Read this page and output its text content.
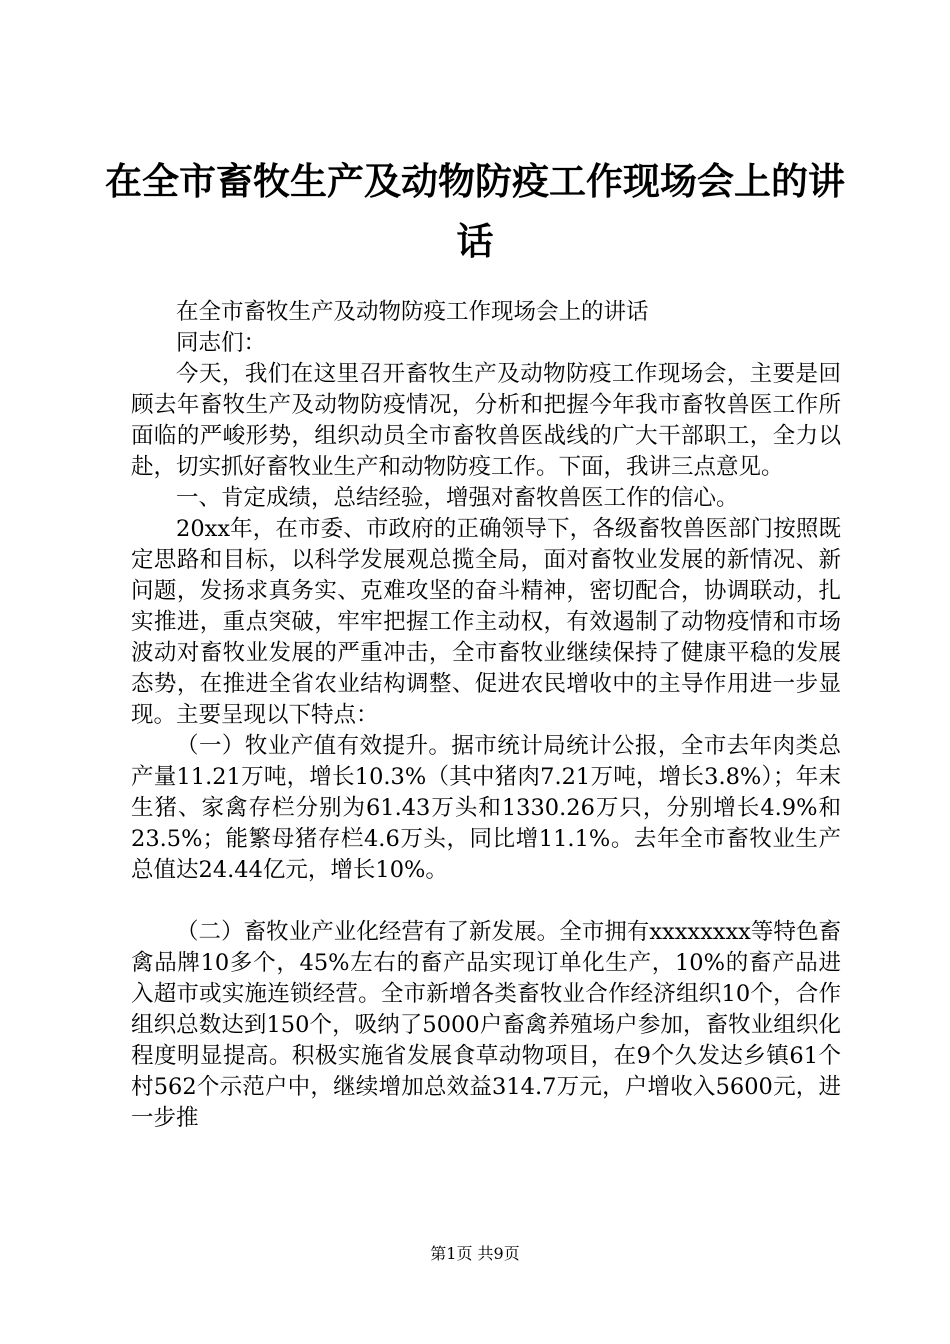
在全市畜牧生产及动物防疫工作现场会上的讲
话

在全市畜牧生产及动物防疫工作现场会上的讲话

同志们：

今天，我们在这里召开畜牧生产及动物防疫工作现场会，主要是回顾去年畜牧生产及动物防疫情况，分析和把握今年我市畜牧兽医工作所面临的严峻形势，组织动员全市畜牧兽医战线的广大干部职工，全力以赴，切实抓好畜牧业生产和动物防疫工作。下面，我讲三点意见。

一、肯定成绩，总结经验，增强对畜牧兽医工作的信心。

20xx年，在市委、市政府的正确领导下，各级畜牧兽医部门按照既定思路和目标，以科学发展观总揽全局，面对畜牧业发展的新情况、新问题，发扬求真务实、克难攻坚的奋斗精神，密切配合，协调联动，扎实推进，重点突破，牢牢把握工作主动权，有效遏制了动物疫情和市场波动对畜牧业发展的严重冲击，全市畜牧业继续保持了健康平稳的发展态势，在推进全省农业结构调整、促进农民增收中的主导作用进一步显现。主要呈现以下特点：

（一）牧业产值有效提升。据市统计局统计公报，全市去年肉类总产量11.21万吨，增长10.3%（其中猪肉7.21万吨，增长3.8%）；年末生猪、家禽存栏分别为61.43万头和1330.26万只，分别增长4.9%和23.5%；能繁母猪存栏4.6万头，同比增11.1%。去年全市畜牧业生产总值达24.44亿元，增长10%。

（二）畜牧业产业化经营有了新发展。全市拥有xxxxxxxx等特色畜禽品牌10多个，45%左右的畜产品实现订单化生产，10%的畜产品进入超市或实施连锁经营。全市新增各类畜牧业合作经济组织10个，合作组织总数达到150个，吸纳了5000户畜禽养殖场户参加，畜牧业组织化程度明显提高。积极实施省发展食草动物项目，在9个久发达乡镇61个村562个示范户中，继续增加总效益314.7万元，户增收入5600元，进一步推

第1页 共9页
